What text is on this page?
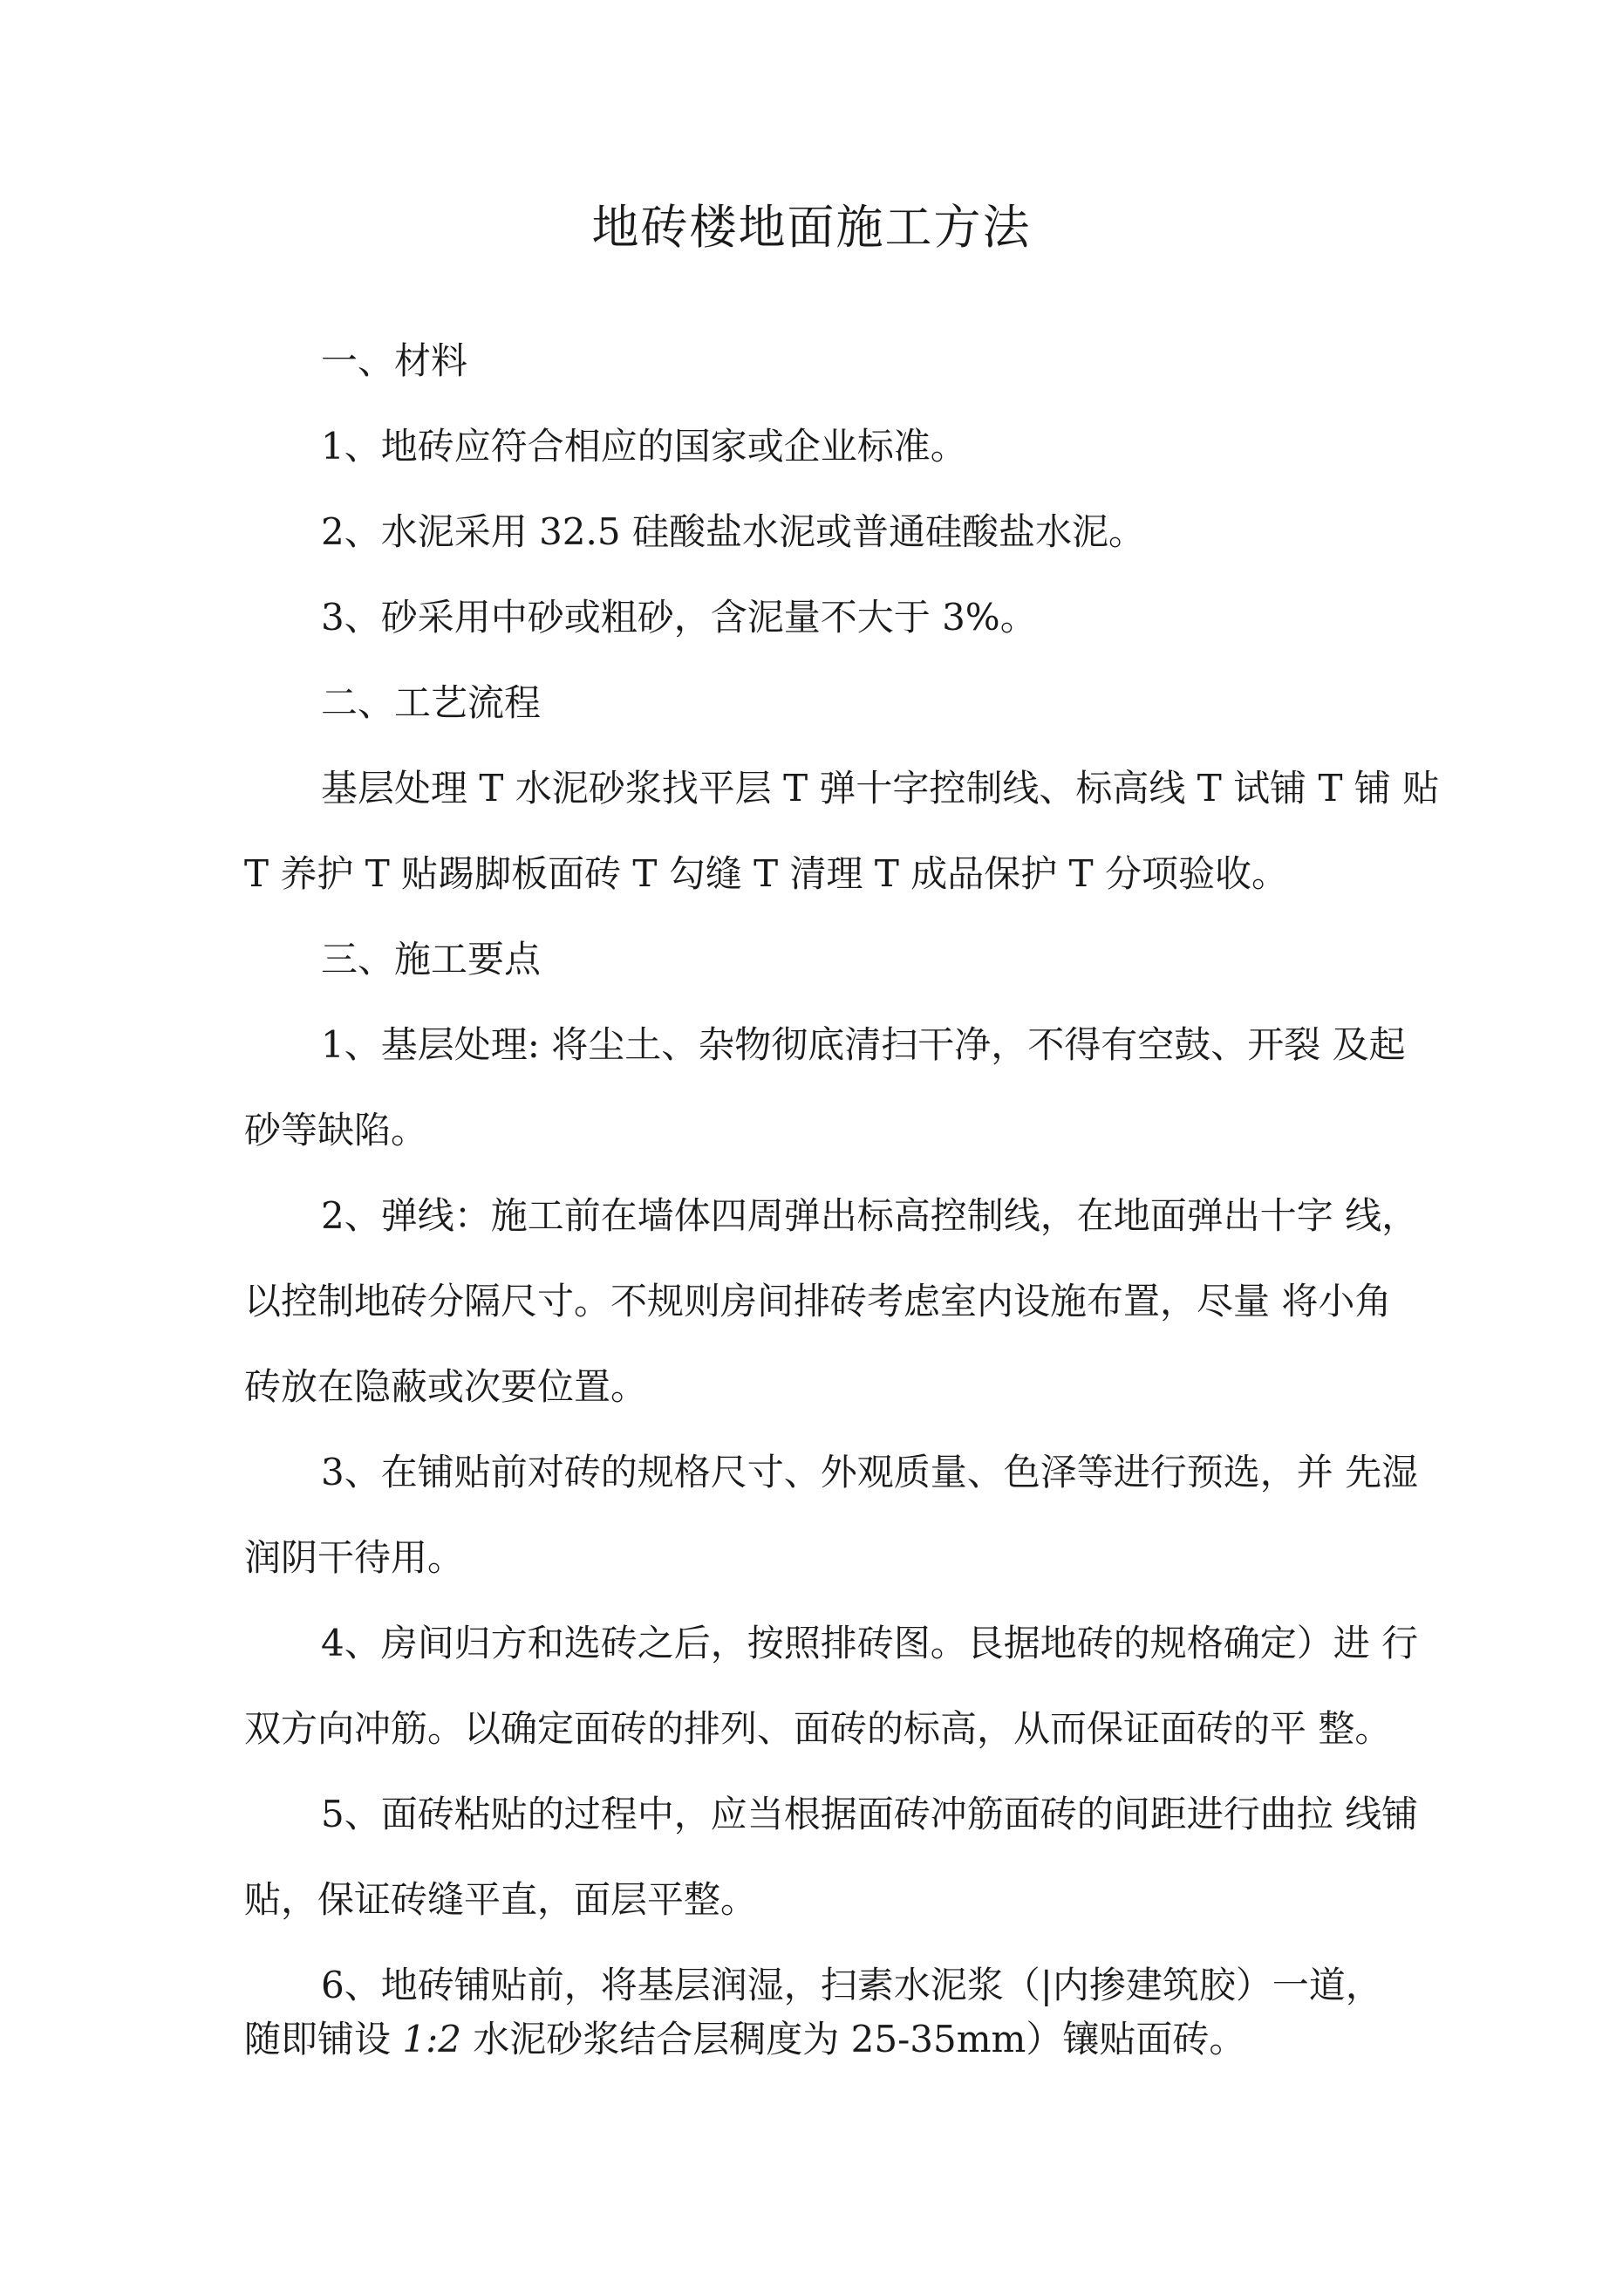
地砖楼地面施工方法
一、材料
1、地砖应符合相应的国家或企业标准。
2、水泥采用 32.5 硅酸盐水泥或普通硅酸盐水泥。
3、砂采用中砂或粗砂，含泥量不大于 3%。
二、工艺流程
基层处理 T 水泥砂浆找平层 T 弹十字控制线、标高线 T 试铺 T 铺 贴
T 养护 T 贴踢脚板面砖 T 勾缝 T 清理 T 成品保护 T 分项验收。
三、施工要点
1、基层处理: 将尘土、杂物彻底清扫干净，不得有空鼓、开裂 及起
砂等缺陷。
2、弹线：施工前在墙体四周弹出标高控制线，在地面弹出十字 线，
以控制地砖分隔尺寸。不规则房间排砖考虑室内设施布置，尽量 将小角
砖放在隐蔽或次要位置。
3、在铺贴前对砖的规格尺寸、外观质量、色泽等进行预选，并 先湿
润阴干待用。
4、房间归方和选砖之后，按照排砖图。艮据地砖的规格确定）进 行
双方向冲筋。以确定面砖的排列、面砖的标高，从而保证面砖的平 整。
5、面砖粘贴的过程中，应当根据面砖冲筋面砖的间距进行曲拉 线铺
贴，保证砖缝平直，面层平整。
6、地砖铺贴前，将基层润湿，扫素水泥浆（|内掺建筑胶）一道，
随即铺设 1:2 水泥砂浆结合层稠度为 25-35mm）镶贴面砖。
